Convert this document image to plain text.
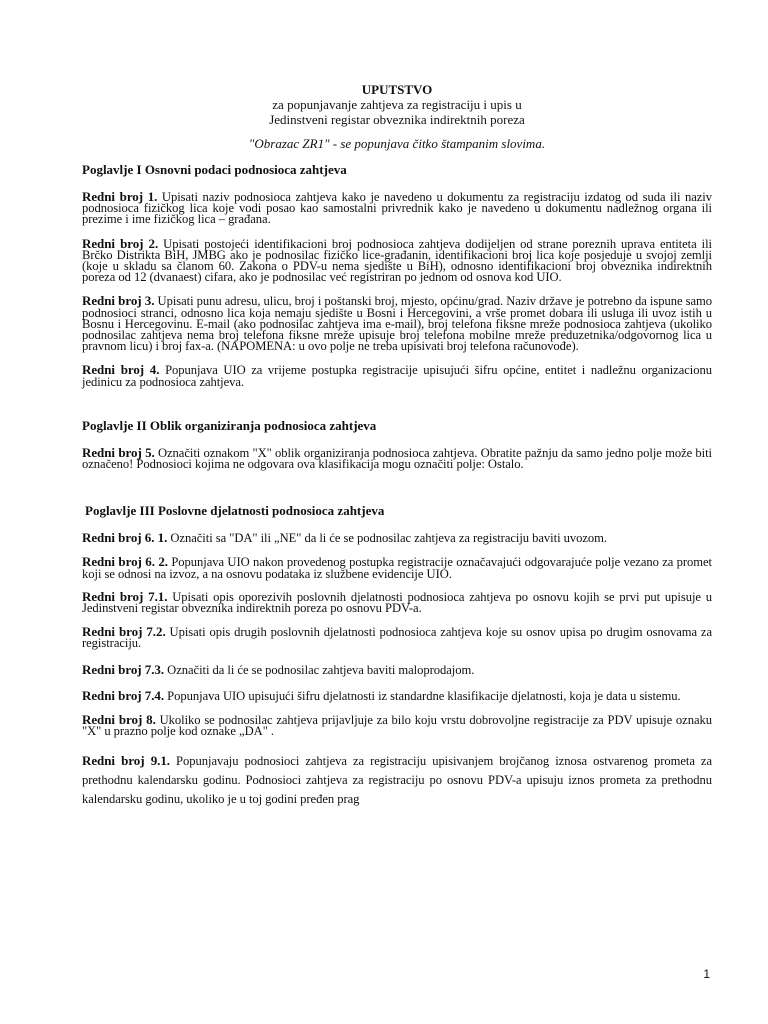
UPUTSTVO
za popunjavanje zahtjeva za registraciju i upis u
Jedinstveni registar obveznika indirektnih poreza
"Obrazac ZR1" - se popunjava čitko štampanim slovima.
Poglavlje I Osnovni podaci podnosioca zahtjeva

Redni broj 1. Upisati naziv podnosioca zahtjeva kako je navedeno u dokumentu za registraciju izdatog od suda ili naziv podnosioca fizičkog lica koje vodi posao kao samostalni privrednik kako je navedeno u dokumentu nadležnog organa ili prezime i ime fizičkog lica – građana.

Redni broj 2. Upisati postojeći identifikacioni broj podnosioca zahtjeva dodijeljen od strane poreznih uprava entiteta ili Brčko Distrikta BiH, JMBG ako je podnosilac fizičko lice-građanin, identifikacioni broj lica koje posjeduje u svojoj zemlji (koje u skladu sa članom 60. Zakona o PDV-u nema sjedište u BiH), odnosno identifikacioni broj obveznika indirektnih poreza od 12 (dvanaest) cifara, ako je podnosilac već registriran po jednom od osnova kod UIO.

Redni broj 3. Upisati punu adresu, ulicu, broj i poštanski broj, mjesto, općinu/grad. Naziv države je potrebno da ispune samo podnosioci stranci, odnosno lica koja nemaju sjedište u Bosni i Hercegovini, a vrše promet dobara ili usluga ili uvoz istih u Bosnu i Hercegovinu. E-mail (ako podnosilac zahtjeva ima e-mail), broj telefona fiksne mreže podnosioca zahtjeva (ukoliko podnosilac zahtjeva nema broj telefona fiksne mreže upisuje broj telefona mobilne mreže preduzetnika/odgovornog lica u pravnom licu) i broj fax-a. (NAPOMENA: u ovo polje ne treba upisivati broj telefona računovođe).

Redni broj 4. Popunjava UIO za vrijeme postupka registracije upisujući šifru općine, entitet i nadležnu organizacionu jedinicu za podnosioca zahtjeva.

Poglavlje II Oblik organiziranja podnosioca zahtjeva

Redni broj 5. Označiti oznakom "X" oblik organiziranja podnosioca zahtjeva. Obratite pažnju da samo jedno polje može biti označeno! Podnosioci kojima ne odgovara ova klasifikacija mogu označiti polje: Ostalo.

Poglavlje III Poslovne djelatnosti podnosioca zahtjeva

Redni broj 6. 1. Označiti sa "DA" ili „NE" da li će se podnosilac zahtjeva za registraciju baviti uvozom.

Redni broj 6. 2. Popunjava UIO nakon provedenog postupka registracije označavajući odgovarajuće polje vezano za promet koji se odnosi na izvoz, a na osnovu podataka iz službene evidencije UIO.

Redni broj 7.1. Upisati opis oporezivih poslovnih djelatnosti podnosioca zahtjeva po osnovu kojih se prvi put upisuje u Jedinstveni registar obveznika indirektnih poreza po osnovu PDV-a.

Redni broj 7.2. Upisati opis drugih poslovnih djelatnosti podnosioca zahtjeva koje su osnov upisa po drugim osnovama za registraciju.

Redni broj 7.3. Označiti da li će se podnosilac zahtjeva baviti maloprodajom.

Redni broj 7.4. Popunjava UIO upisujući šifru djelatnosti iz standardne klasifikacije djelatnosti, koja je data u sistemu.

Redni broj 8. Ukoliko se podnosilac zahtjeva prijavljuje za bilo koju vrstu dobrovoljne registracije za PDV upisuje oznaku "X" u prazno polje kod oznake „DA" .

Redni broj 9.1. Popunjavaju podnosioci zahtjeva za registraciju upisivanjem brojčanog iznosa ostvarenog prometa za prethodnu kalendarsku godinu. Podnosioci zahtjeva za registraciju po osnovu PDV-a upisuju iznos prometa za prethodnu kalendarsku godinu, ukoliko je u toj godini pređen prag

1
